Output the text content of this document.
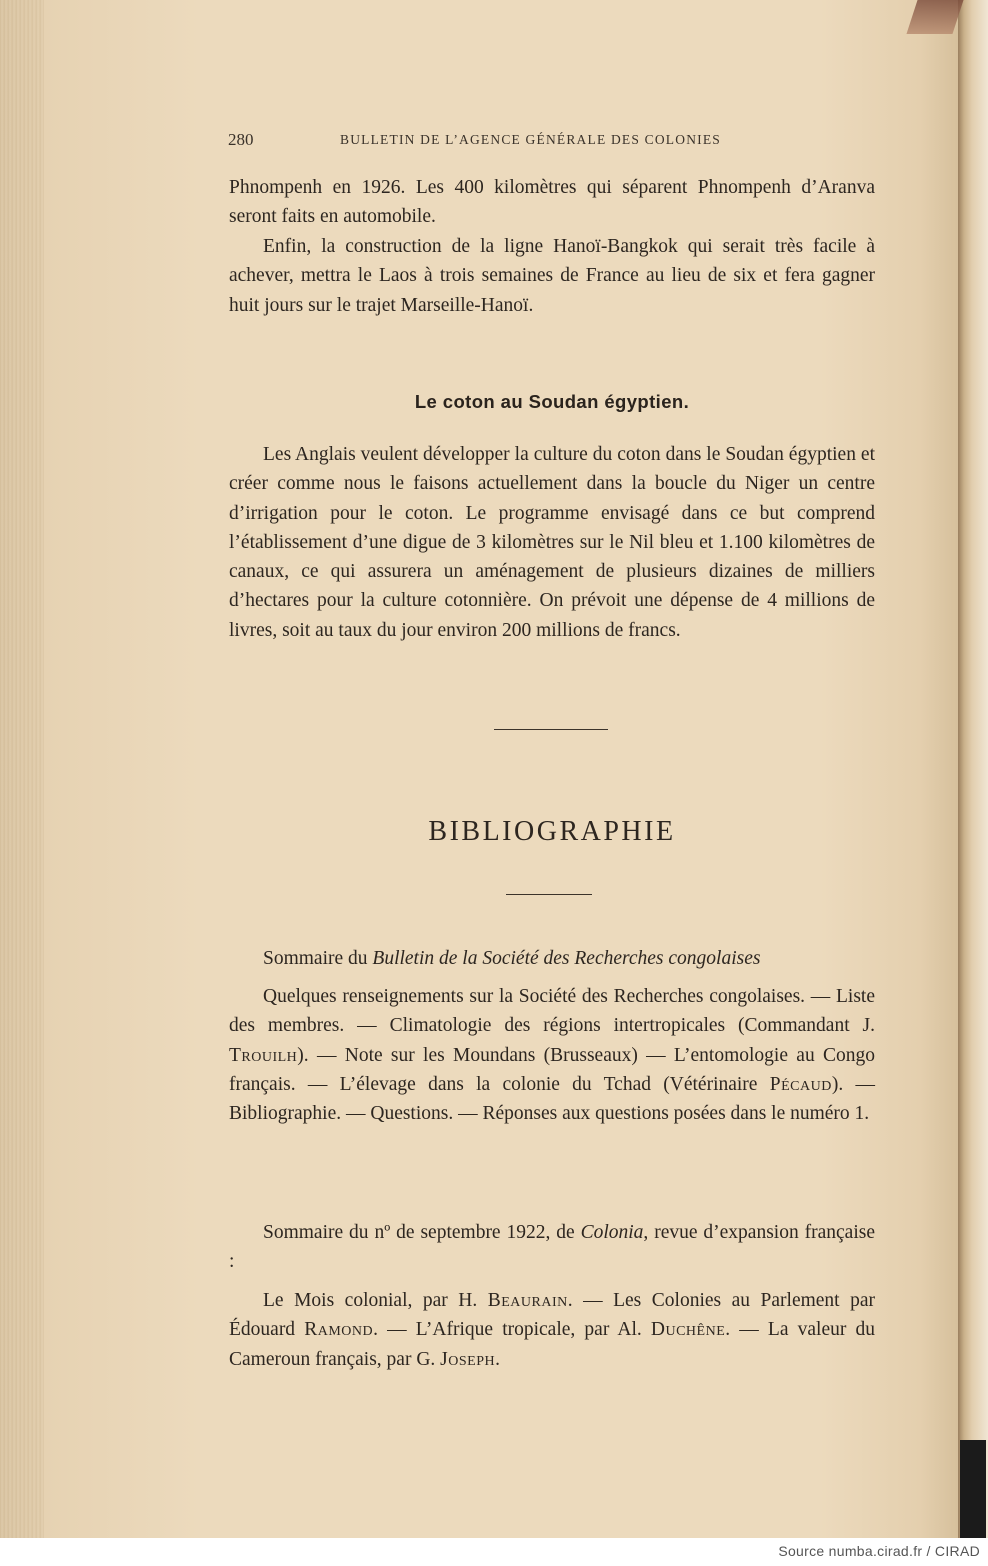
280	BULLETIN DE L’AGENCE GÉNÉRALE DES COLONIES

Phnompenh en 1926. Les 400 kilomètres qui séparent Phnompenh d’Aranva seront faits en automobile.

Enfin, la construction de la ligne Hanoï-Bangkok qui serait très facile à achever, mettra le Laos à trois semaines de France au lieu de six et fera gagner huit jours sur le trajet Marseille-Hanoï.

Le coton au Soudan égyptien.

Les Anglais veulent développer la culture du coton dans le Soudan égyptien et créer comme nous le faisons actuellement dans la boucle du Niger un centre d’irrigation pour le coton. Le programme envisagé dans ce but comprend l’établissement d’une digue de 3 kilomètres sur le Nil bleu et 1.100 kilomètres de canaux, ce qui assurera un aménagement de plusieurs dizaines de milliers d’hectares pour la culture cotonnière. On prévoit une dépense de 4 millions de livres, soit au taux du jour environ 200 millions de francs.

BIBLIOGRAPHIE

Sommaire du Bulletin de la Société des Recherches congolaises

Quelques renseignements sur la Société des Recherches congolaises. — Liste des membres. — Climatologie des régions intertropicales (Commandant J. Trouilh). — Note sur les Moundans (Brusseaux) — L’entomologie au Congo français. — L’élevage dans la colonie du Tchad (Vétérinaire Pécaud). — Bibliographie. — Questions. — Réponses aux questions posées dans le numéro 1.

Sommaire du nº de septembre 1922, de Colonia, revue d’expansion française :

Le Mois colonial, par H. Beaurain. — Les Colonies au Parlement par Édouard Ramond. — L’Afrique tropicale, par Al. Duchêne. — La valeur du Cameroun français, par G. Joseph.

Source numba.cirad.fr / CIRAD
